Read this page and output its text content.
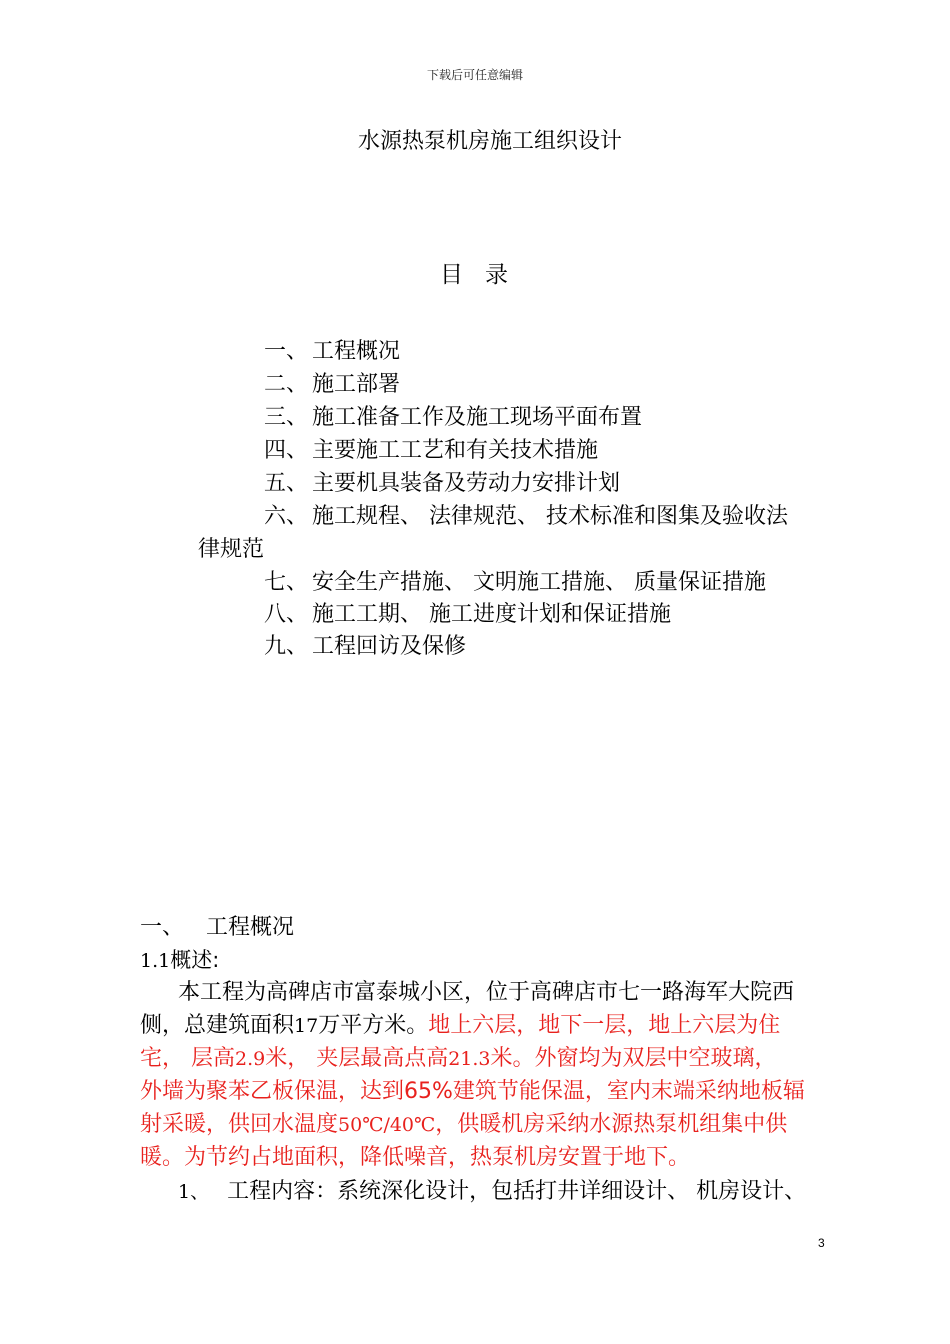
下载后可任意编辑
水源热泵机房施工组织设计
目录
一、 工程概况
二、 施工部署
三、 施工准备工作及施工现场平面布置
四、 主要施工工艺和有关技术措施
五、 主要机具装备及劳动力安排计划
六、 施工规程、 法律规范、 技术标准和图集及验收法
律规范
七、 安全生产措施、 文明施工措施、 质量保证措施
八、 施工工期、 施工进度计划和保证措施
九、 工程回访及保修
一、 工程概况
1.1概述:
本工程为高碑店市富泰城小区，位于高碑店市七一路海军大院西
侧，总建筑面积17万平方米。地上六层，地下一层，地上六层为住
宅， 层高2.9米， 夹层最高点高21.3米。外窗均为双层中空玻璃，
外墙为聚苯乙板保温，达到65%建筑节能保温，室内末端采纳地板辐
射采暖，供回水温度50℃/40℃，供暖机房采纳水源热泵机组集中供
暖。为节约占地面积，降低噪音，热泵机房安置于地下。
1、 工程内容：系统深化设计，包括打井详细设计、 机房设计、
3
